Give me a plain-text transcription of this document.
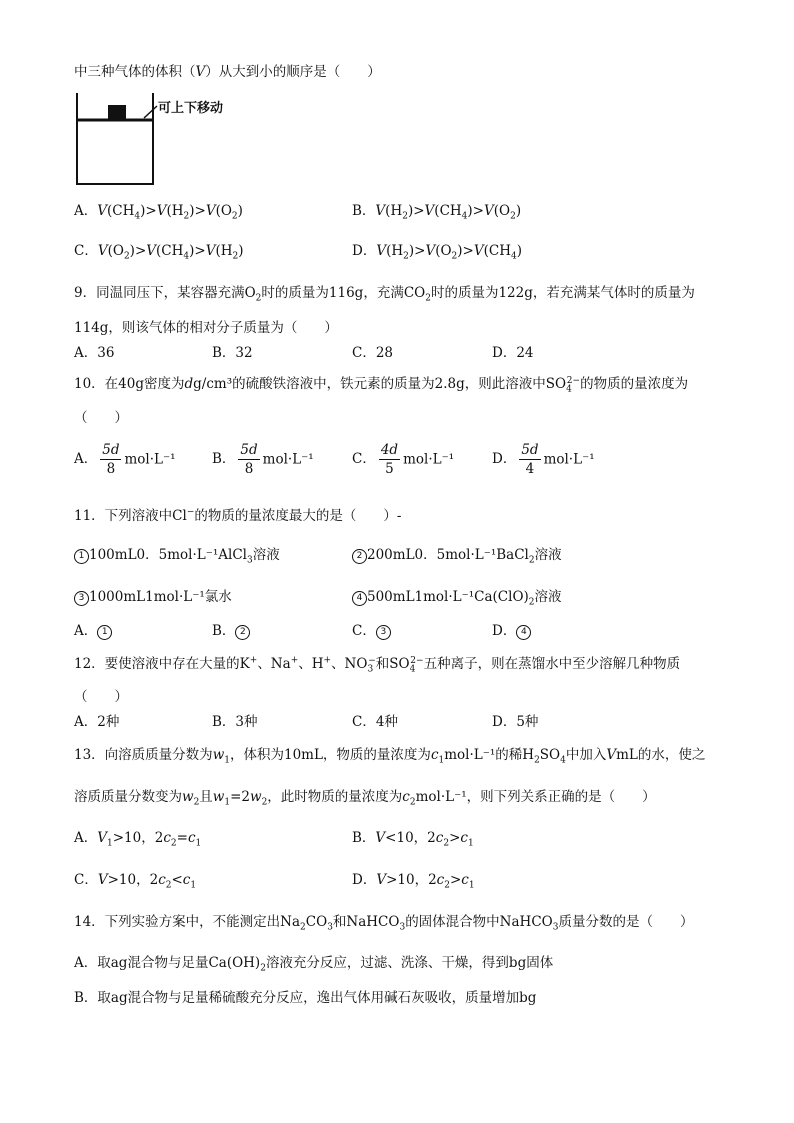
中三种气体的体积（V）从大到小的顺序是（　　）
可上下移动
A．$V(CH_4)>V(H_2)>V(O_2)$	B．$V(H_2)>V(CH_4)>V(O_2)$
C．$V(O_2)>V(CH_4)>V(H_2)$	D．$V(H_2)>V(O_2)>V(CH_4)$
9．同温同压下，某容器充满$O_2$时的质量为116g，充满$CO_2$时的质量为122g，若充满某气体时的质量为
114g，则该气体的相对分子质量为（　　）
A．36	B．32	C．28	D．24
10．在40g密度为dg/cm³的硫酸铁溶液中，铁元素的质量为2.8g，则此溶液中$SO_4^{2-}$的物质的量浓度为
（　　）
A． $\frac{5d}{8} mol\cdot L^{-1}$	B． $\frac{5d}{8} mol\cdot L^{-1}$	C． $\frac{4d}{5} mol\cdot L^{-1}$	D． $\frac{5d}{4} mol\cdot L^{-1}$
11．下列溶液中Cl−的物质的量浓度最大的是（　　）-
1 100mL0．5mol·L⁻¹AlCl$_3$溶液	2 200mL0．5mol·L⁻¹BaCl$_2$溶液
3 1000mL1mol·L⁻¹氯水	4 $500mL1mol\cdot L^{-1}Ca(ClO)_2$溶液
A． 1	B． 2	C． 3	D． 4
12．要使溶液中存在大量的K+、Na+、H+、$NO_3^-$和$SO_4^{2-}$五种离子，则在蒸馏水中至少溶解几种物质
（　　）
A．2种	B．3种	C．4种	D．5种
13．向溶质质量分数为$w_1$，体积为10mL，物质的量浓度为$c_1mol\cdot L^{-1}$的稀$H_2SO_4$中加入VmL的水，使之
溶质质量分数变为$w_2$且$w_1=2w_2$，此时物质的量浓度为$c_2mol\cdot L^{-1}$，则下列关系正确的是（　　）
A．$V_1>10$，$2c_2=c_1$	B．V<10，$2c_2>c_1$
C．V>10，$2c_2<c_1$	D．V>10，$2c_2>c_1$
14．下列实验方案中，不能测定出$Na_2CO_3$和NaHCO$_3$的固体混合物中NaHCO$_3$质量分数的是（　　）
A．取ag混合物与足量$Ca(OH)_2$溶液充分反应，过滤、洗涤、干燥，得到bg固体
B．取ag混合物与足量稀硫酸充分反应，逸出气体用碱石灰吸收，质量增加bg
